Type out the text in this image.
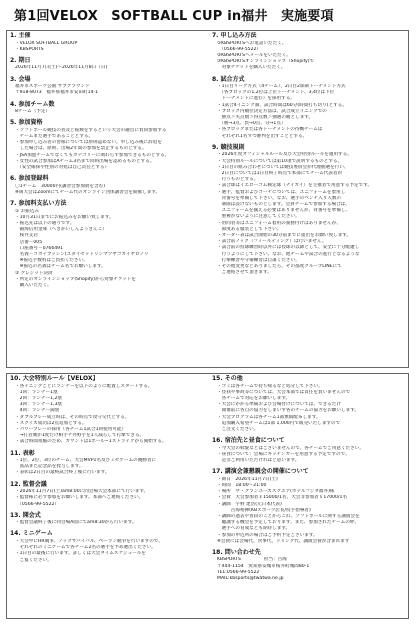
第1回VELOX　SOFTBALL CUP in福井　実施要項
1. 主催
・VELOX SOFTBALL GROUP
・KBSPORTS
2. 期日
2026年11月7日(土)〜2026年11月8日（日)
3. 会場
福井市スポーツ公園 サブグラウンド
〒918-8073　福井県福井市安田町14-1
4. 参加チーム数
8チーム（予定）
5. 参加資格
・ソフトボール競技の普及と振興をするという大会の趣旨に賛同参加する
　チームまた選手であることとする。
・参加申し込み者の皆様については原則認めない。申し込み後に辞退を
　した場合は、原則、出場2年間の参加を禁止するものとする。
・JSA加盟チームでなくてもカテゴリーに関わらず参加できるものとする。
・女性の試合参加はAチーム3名まで同時出場を認めるものとする。
　（安全確保や性別の対処は自己責任とする）
6. 参加登録料
〇1チーム　30000円(講習会参加費を含む)
※両大会はZoomにてチーム代のオンライン団体講習会を開催します。
7. 参加料支払い方法
① お振込み
・10月31日までにお振込みをお願い致します。
・振込先は以下の通りです。
　銀海信用金庫（へきかいしんようきんこ）
　桜井支店
　店番－005
　口座番号－0766491
　名義－コカイブッシン(ユダイセットリシマツヤコカイヤロノリ
　※振込手数料はご負担ください。
　※振込の名義はチーム名でお願いします。
② クレジット決済
・所定のオンラインショップ(Shopify)から対象チケットを
　購入いただく。
7. 申し込み方法
①KBSPORTSへお電話いただく。
　（0566-99-5522）
②KBSPORTSへメールをいただく。
③KBSPORTSオンラインショップ（Shopify)で
　対象チケットを購入いただく。
8. 試合方式
・1日目リーグ方式（4チーム）、2日目2部制トーナメント方式
　（各ブロックの1,2位は上位トーナメント、3,4位は下位
　トーナメントに進む）を採用する。
・1試合4イニング制、試合時間は60分(時間打ち切り)とする。
・ブロック内順位決定方法は、試合成立イニングでの
　勝点＞失点数＞得点数＞抽選の順とします。
　（勝→3点、負→0点、分→1点）
・各ブロックまたは各トーナメントの待機チームは
　それぞれ1名ずつ審判を出すこととする。
9. 競技規則
・2026年度オフィシャルルール及び大会特別ルールを適用する。
・大会特別ルールについては第10項で説明するものとする。
・1日目の組み合わせについては競技委員会が代理抽選を行い、
　2日目については1日目終了時点で本部にてチーム代表者が
　行うものとする。
・試合球はイエローゴム検定球（ナイガイ）を主催者で用意する予定です。
・選手、監督およびコーチについては、ユニフォームを着用し
　背番号を準備して下さい。なお、選手のベンチ入り人数の
　制限は設けないものとします。会員チームで参加する場合は、
　ユニフォームを揃える必要はありませんが、背番号を準備し、
　重複がないように注意してください。
・帯同者等はユニフォーム着用の義務付けはありませんが、
　節度ある服装として下さい。
・オーダー表は試合開始の30分前までに提出をお願い致します。
・試合前ノック（フィールディング）は行いません。
・試合前の投球練習時以外には投球の以降として、安全に十分配慮し
　行うようにして下さい。なお、他チームや試合の進行となるような
　打撃練習や守備練習は自粛ください。
・その他変更などありましたら、その都度グループLINEにて
　ご連絡させて頂きます。
10. 大会特別ルール【VELOX】
・各イニングごとにランナーを以下のように配置しスタートする。
　1回：ランナー1塁
　2回：ランナー1,2塁
　3回：ランナー1,3塁
　4回：ランナー満塁
・ダブルプレー成立時は、その時点で攻守交代とする。
・スクイズ成功は2点追加とする。
・パワープレーの採用（各チーム1試合1回使用可能）
　→打者側が1度だけ相手チ外野手を1人減らして打撃できる。
・試合時間短縮のため、カウントは1ボール−1ストライクから開始する。
11. 表彰
・1位、2位、3位のチーム、大会MVP1名及びミゼゲームの優勝者に
　賞品また記念品を授与します。
・表彰は2日目の最終試合終了後に行います。
12. 監督会議
・2026年11月7日(土)am8:00に同会場大会本部にて行います。
・監督様に必ず参加をお願いします。本部へご連絡ください。
　（0566-99-5522）
13. 開会式
・監督会議終了後に同会場A面にてam8:30から行います。
14. ミニゲーム
・大会中にHR競争、ノックサバイバル、ベーラン競争を行いますので、
　それぞれのミニゲームで各チーム2名の選手を予め選出ください。
・1日目の最後に行います。詳しくは大会タイムスケジュールを
　ご覧ください。
15. その他
・ゴミは各チームで持ち帰るなど処分して下さい。
・怪我や事故等については、大会本部では責任を負いませんので
　各チームで対応をお願いします。
・大会にかかる準備および会場付けについては、できるだけ
　開催前に各自の協力をしまいす各のチームの協力をお願いします。
・大会プログラムは各チーム1部無償配布します。
　追加購入希望チームは1部 1,000円で販売いたしますので
　ご注文ください。
16. 宿泊先と昼食について
・今大会の斡旋などはございませんので、各チームでご用意ください。
・昼食について：会場にキッチンカーを用意する予定ですので、
　是非ご利用いただければと思います。
17. 講演会兼懇親会の開催について
・期日　2026年11月7日(土)
・時間　18:00〜21:00
・場所　ザ・グランユーズスクエア(ホテルフジタ福井)様
・会費　大会参加者￥15000/1名、大会非参加者￥17000/1名
・講師　宇野 達浩(元日本代表)
　　　古海裕揮(KBスポーツ店長/投手指導者)
・講師の過去や普段のことからこれ、ソフトボールに関する講演会を
　聴講する機会を予定しております。また、参加されたチームの絆、
　選手への育成なども期待します。
・参加の申込所の場合はご予約予定ございます。
※会費には会場代、食事代、ドリンク代、講演会費が含まれます
18. 問い合わせ先
KBSPORTS　　　　　担当：古海
〒444-1154　愛知県安城市桜井町城間80-1
TEL:0566-99-5522
MAIL:kbsports@twatwa.ne.jp
